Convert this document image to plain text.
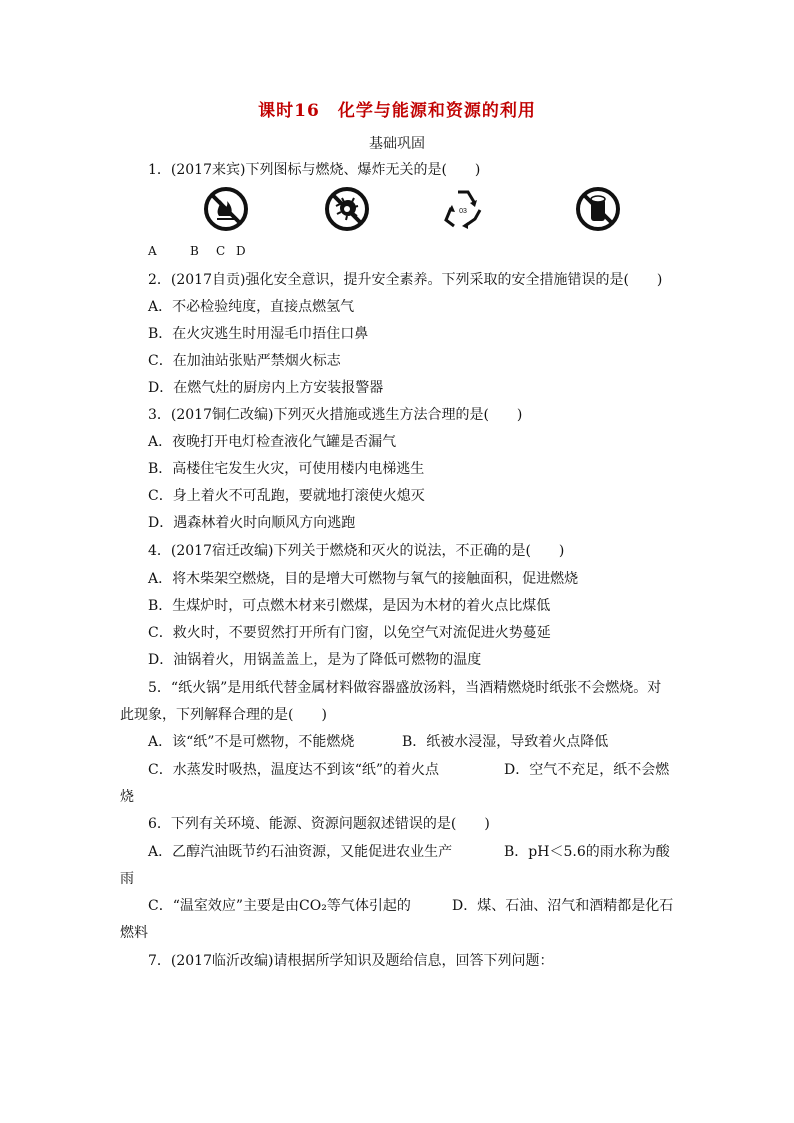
课时16　化学与能源和资源的利用
基础巩固
1．(2017来宾)下列图标与燃烧、爆炸无关的是(　　)
03
A	B C D
2．(2017自贡)强化安全意识，提升安全素养。下列采取的安全措施错误的是(　　)
A．不必检验纯度，直接点燃氢气
B．在火灾逃生时用湿毛巾捂住口鼻
C．在加油站张贴严禁烟火标志
D．在燃气灶的厨房内上方安装报警器
3．(2017铜仁改编)下列灭火措施或逃生方法合理的是(　　)
A．夜晚打开电灯检查液化气罐是否漏气
B．高楼住宅发生火灾，可使用楼内电梯逃生
C．身上着火不可乱跑，要就地打滚使火熄灭
D．遇森林着火时向顺风方向逃跑
4．(2017宿迁改编)下列关于燃烧和灭火的说法，不正确的是(　　)
A．将木柴架空燃烧，目的是增大可燃物与氧气的接触面积，促进燃烧
B．生煤炉时，可点燃木材来引燃煤，是因为木材的着火点比煤低
C．救火时，不要贸然打开所有门窗，以免空气对流促进火势蔓延
D．油锅着火，用锅盖盖上，是为了降低可燃物的温度
5．“纸火锅”是用纸代替金属材料做容器盛放汤料，当酒精燃烧时纸张不会燃烧。对
此现象，下列解释合理的是(　　)
A．该“纸”不是可燃物，不能燃烧	B．纸被水浸湿，导致着火点降低
C．水蒸发时吸热，温度达不到该“纸”的着火点	D．空气不充足，纸不会燃
烧
6．下列有关环境、能源、资源问题叙述错误的是(　　)
A．乙醇汽油既节约石油资源，又能促进农业生产	B．pH＜5.6的雨水称为酸
雨
C．“温室效应”主要是由CO₂等气体引起的	D．煤、石油、沼气和酒精都是化石
燃料
7．(2017临沂改编)请根据所学知识及题给信息，回答下列问题：
